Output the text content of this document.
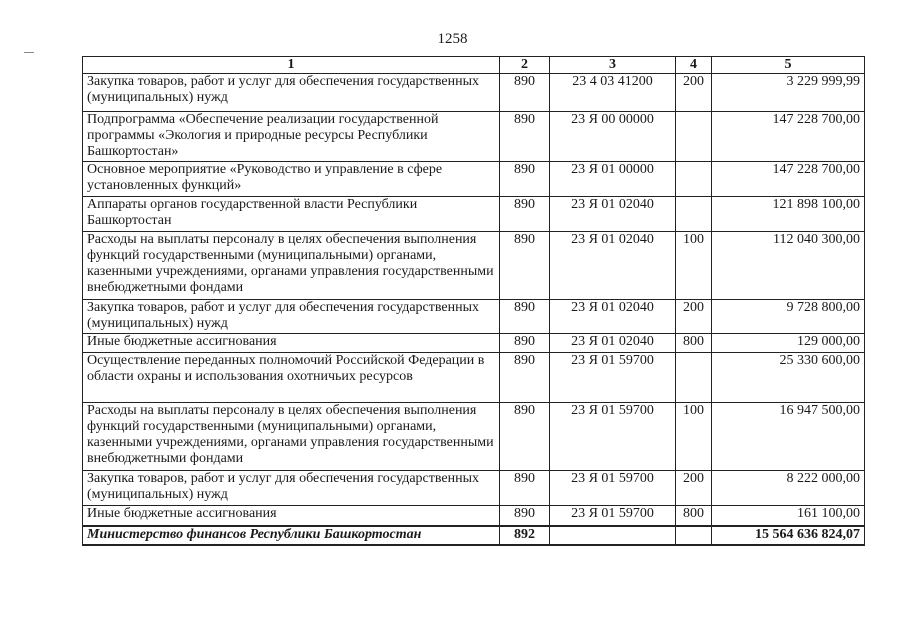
1258
1	2	3	4	5
Закупка товаров, работ и услуг для обеспечения государственных (муниципальных) нужд	890	23 4 03 41200	200	3 229 999,99
Подпрограмма «Обеспечение реализации государственной программы «Экология и природные ресурсы Республики Башкортостан»	890	23 Я 00 00000		147 228 700,00
Основное мероприятие «Руководство и управление в сфере установленных функций»	890	23 Я 01 00000		147 228 700,00
Аппараты органов государственной власти Республики Башкортостан	890	23 Я 01 02040		121 898 100,00
Расходы на выплаты персоналу в целях обеспечения выполнения функций государственными (муниципальными) органами, казенными учреждениями, органами управления государственными внебюджетными фондами	890	23 Я 01 02040	100	112 040 300,00
Закупка товаров, работ и услуг для обеспечения государственных (муниципальных) нужд	890	23 Я 01 02040	200	9 728 800,00
Иные бюджетные ассигнования	890	23 Я 01 02040	800	129 000,00
Осуществление переданных полномочий Российской Федерации в области охраны и использования охотничьих ресурсов	890	23 Я 01 59700		25 330 600,00
Расходы на выплаты персоналу в целях обеспечения выполнения функций государственными (муниципальными) органами, казенными учреждениями, органами управления государственными внебюджетными фондами	890	23 Я 01 59700	100	16 947 500,00
Закупка товаров, работ и услуг для обеспечения государственных (муниципальных) нужд	890	23 Я 01 59700	200	8 222 000,00
Иные бюджетные ассигнования	890	23 Я 01 59700	800	161 100,00
Министерство финансов Республики Башкортостан	892			15 564 636 824,07
